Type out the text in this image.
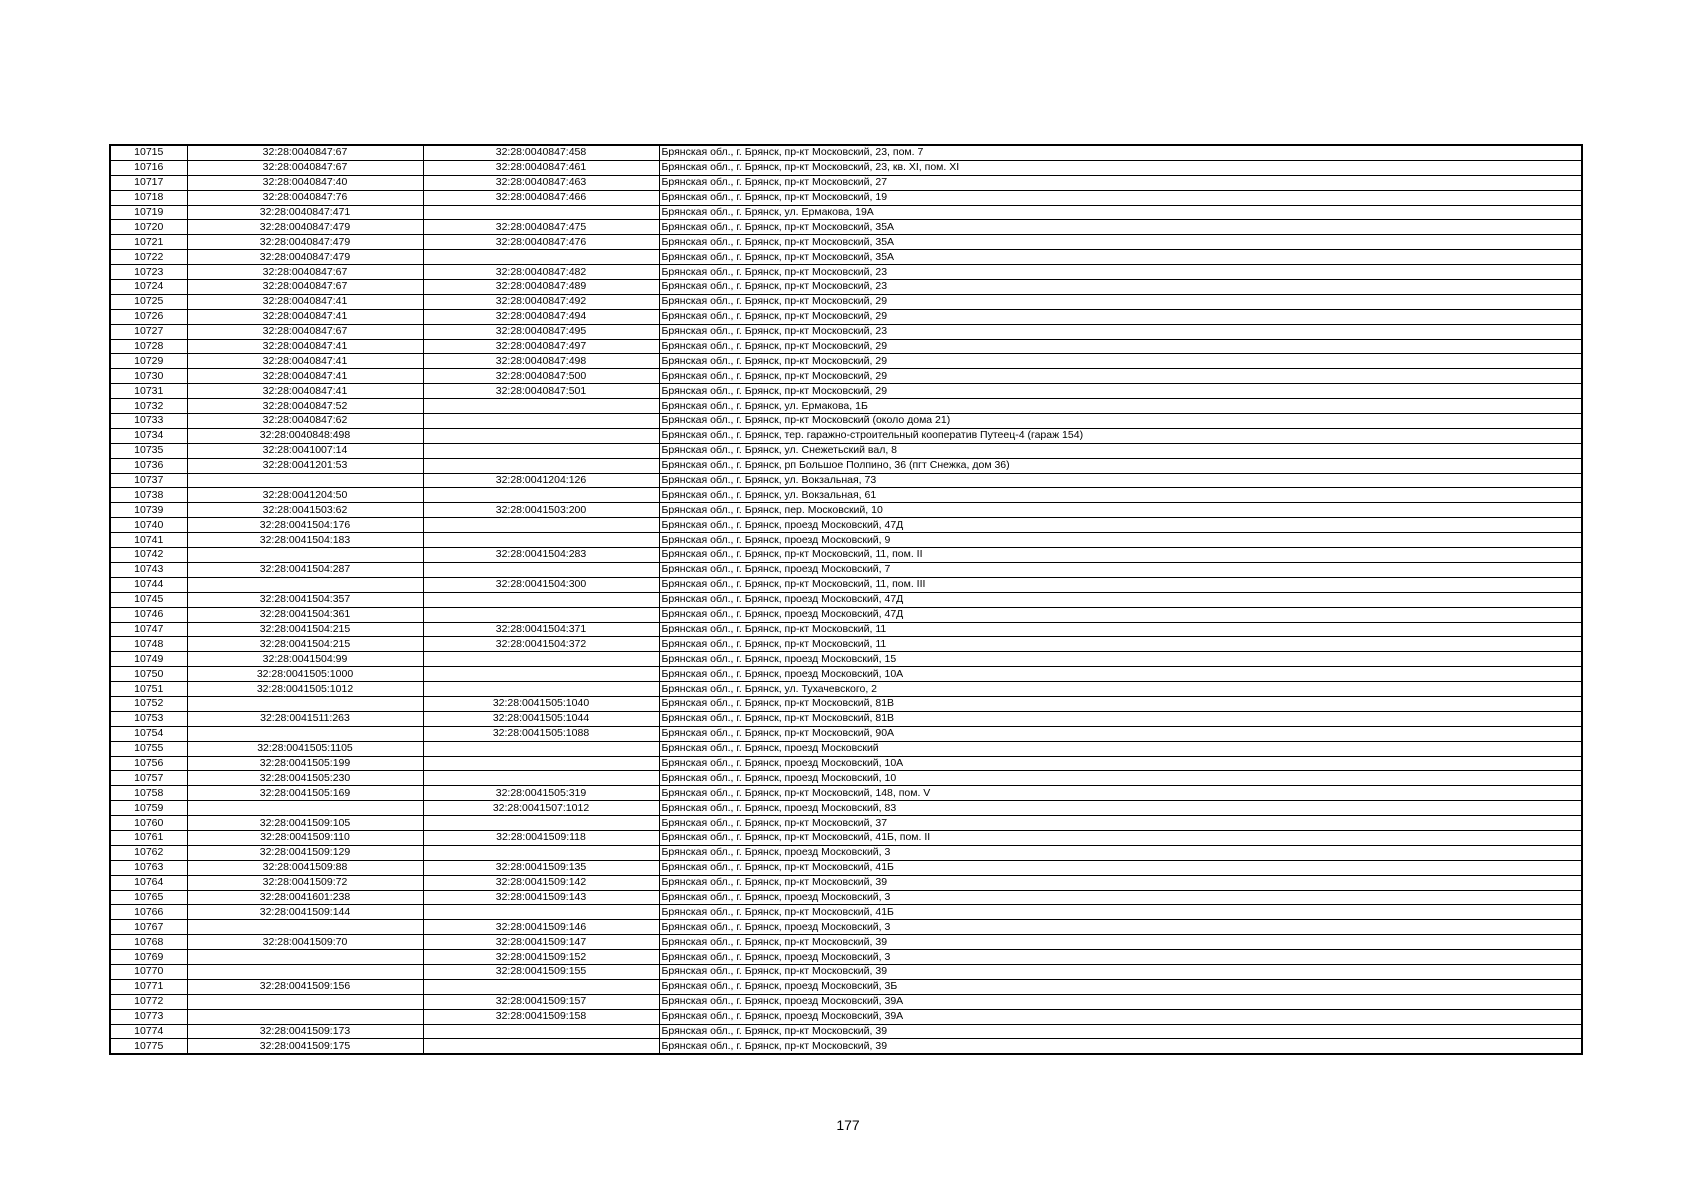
10715	32:28:0040847:67	32:28:0040847:458	Брянская обл., г. Брянск, пр-кт Московский, 23, пом. 7
10716	32:28:0040847:67	32:28:0040847:461	Брянская обл., г. Брянск, пр-кт Московский, 23, кв. XI, пом. XI
10717	32:28:0040847:40	32:28:0040847:463	Брянская обл., г. Брянск, пр-кт Московский, 27
10718	32:28:0040847:76	32:28:0040847:466	Брянская обл., г. Брянск, пр-кт Московский, 19
10719	32:28:0040847:471		Брянская обл., г. Брянск, ул. Ермакова, 19А
10720	32:28:0040847:479	32:28:0040847:475	Брянская обл., г. Брянск, пр-кт Московский, 35А
10721	32:28:0040847:479	32:28:0040847:476	Брянская обл., г. Брянск, пр-кт Московский, 35А
10722	32:28:0040847:479		Брянская обл., г. Брянск, пр-кт Московский, 35А
10723	32:28:0040847:67	32:28:0040847:482	Брянская обл., г. Брянск, пр-кт Московский, 23
10724	32:28:0040847:67	32:28:0040847:489	Брянская обл., г. Брянск, пр-кт Московский, 23
10725	32:28:0040847:41	32:28:0040847:492	Брянская обл., г. Брянск, пр-кт Московский, 29
10726	32:28:0040847:41	32:28:0040847:494	Брянская обл., г. Брянск, пр-кт Московский, 29
10727	32:28:0040847:67	32:28:0040847:495	Брянская обл., г. Брянск, пр-кт Московский, 23
10728	32:28:0040847:41	32:28:0040847:497	Брянская обл., г. Брянск, пр-кт Московский, 29
10729	32:28:0040847:41	32:28:0040847:498	Брянская обл., г. Брянск, пр-кт Московский, 29
10730	32:28:0040847:41	32:28:0040847:500	Брянская обл., г. Брянск, пр-кт Московский, 29
10731	32:28:0040847:41	32:28:0040847:501	Брянская обл., г. Брянск, пр-кт Московский, 29
10732	32:28:0040847:52		Брянская обл., г. Брянск, ул. Ермакова, 1Б
10733	32:28:0040847:62		Брянская обл., г. Брянск, пр-кт Московский (около дома 21)
10734	32:28:0040848:498		Брянская обл., г. Брянск, тер. гаражно-строительный кооператив Путеец-4 (гараж 154)
10735	32:28:0041007:14		Брянская обл., г. Брянск, ул. Снежетьский вал, 8
10736	32:28:0041201:53		Брянская обл., г. Брянск, рп Большое Полпино, 36 (пгт Снежка, дом 36)
10737		32:28:0041204:126	Брянская обл., г. Брянск, ул. Вокзальная, 73
10738	32:28:0041204:50		Брянская обл., г. Брянск, ул. Вокзальная, 61
10739	32:28:0041503:62	32:28:0041503:200	Брянская обл., г. Брянск, пер. Московский, 10
10740	32:28:0041504:176		Брянская обл., г. Брянск, проезд Московский, 47Д
10741	32:28:0041504:183		Брянская обл., г. Брянск, проезд Московский, 9
10742		32:28:0041504:283	Брянская обл., г. Брянск, пр-кт Московский, 11, пом. II
10743	32:28:0041504:287		Брянская обл., г. Брянск, проезд Московский, 7
10744		32:28:0041504:300	Брянская обл., г. Брянск, пр-кт Московский, 11, пом. III
10745	32:28:0041504:357		Брянская обл., г. Брянск, проезд Московский, 47Д
10746	32:28:0041504:361		Брянская обл., г. Брянск, проезд Московский, 47Д
10747	32:28:0041504:215	32:28:0041504:371	Брянская обл., г. Брянск, пр-кт Московский, 11
10748	32:28:0041504:215	32:28:0041504:372	Брянская обл., г. Брянск, пр-кт Московский, 11
10749	32:28:0041504:99		Брянская обл., г. Брянск, проезд Московский, 15
10750	32:28:0041505:1000		Брянская обл., г. Брянск, проезд Московский, 10А
10751	32:28:0041505:1012		Брянская обл., г. Брянск, ул. Тухачевского, 2
10752		32:28:0041505:1040	Брянская обл., г. Брянск, пр-кт Московский, 81В
10753	32:28:0041511:263	32:28:0041505:1044	Брянская обл., г. Брянск, пр-кт Московский, 81В
10754		32:28:0041505:1088	Брянская обл., г. Брянск, пр-кт Московский, 90А
10755	32:28:0041505:1105		Брянская обл., г. Брянск, проезд Московский
10756	32:28:0041505:199		Брянская обл., г. Брянск, проезд Московский, 10А
10757	32:28:0041505:230		Брянская обл., г. Брянск, проезд Московский, 10
10758	32:28:0041505:169	32:28:0041505:319	Брянская обл., г. Брянск, пр-кт Московский, 148, пом. V
10759		32:28:0041507:1012	Брянская обл., г. Брянск, проезд Московский, 83
10760	32:28:0041509:105		Брянская обл., г. Брянск, пр-кт Московский, 37
10761	32:28:0041509:110	32:28:0041509:118	Брянская обл., г. Брянск, пр-кт Московский, 41Б, пом. II
10762	32:28:0041509:129		Брянская обл., г. Брянск, проезд Московский, 3
10763	32:28:0041509:88	32:28:0041509:135	Брянская обл., г. Брянск, пр-кт Московский, 41Б
10764	32:28:0041509:72	32:28:0041509:142	Брянская обл., г. Брянск, пр-кт Московский, 39
10765	32:28:0041601:238	32:28:0041509:143	Брянская обл., г. Брянск, проезд Московский, 3
10766	32:28:0041509:144		Брянская обл., г. Брянск, пр-кт Московский, 41Б
10767		32:28:0041509:146	Брянская обл., г. Брянск, проезд Московский, 3
10768	32:28:0041509:70	32:28:0041509:147	Брянская обл., г. Брянск, пр-кт Московский, 39
10769		32:28:0041509:152	Брянская обл., г. Брянск, проезд Московский, 3
10770		32:28:0041509:155	Брянская обл., г. Брянск, пр-кт Московский, 39
10771	32:28:0041509:156		Брянская обл., г. Брянск, проезд Московский, 3Б
10772		32:28:0041509:157	Брянская обл., г. Брянск, проезд Московский, 39А
10773		32:28:0041509:158	Брянская обл., г. Брянск, проезд Московский, 39А
10774	32:28:0041509:173		Брянская обл., г. Брянск, пр-кт Московский, 39
10775	32:28:0041509:175		Брянская обл., г. Брянск, пр-кт Московский, 39
177
